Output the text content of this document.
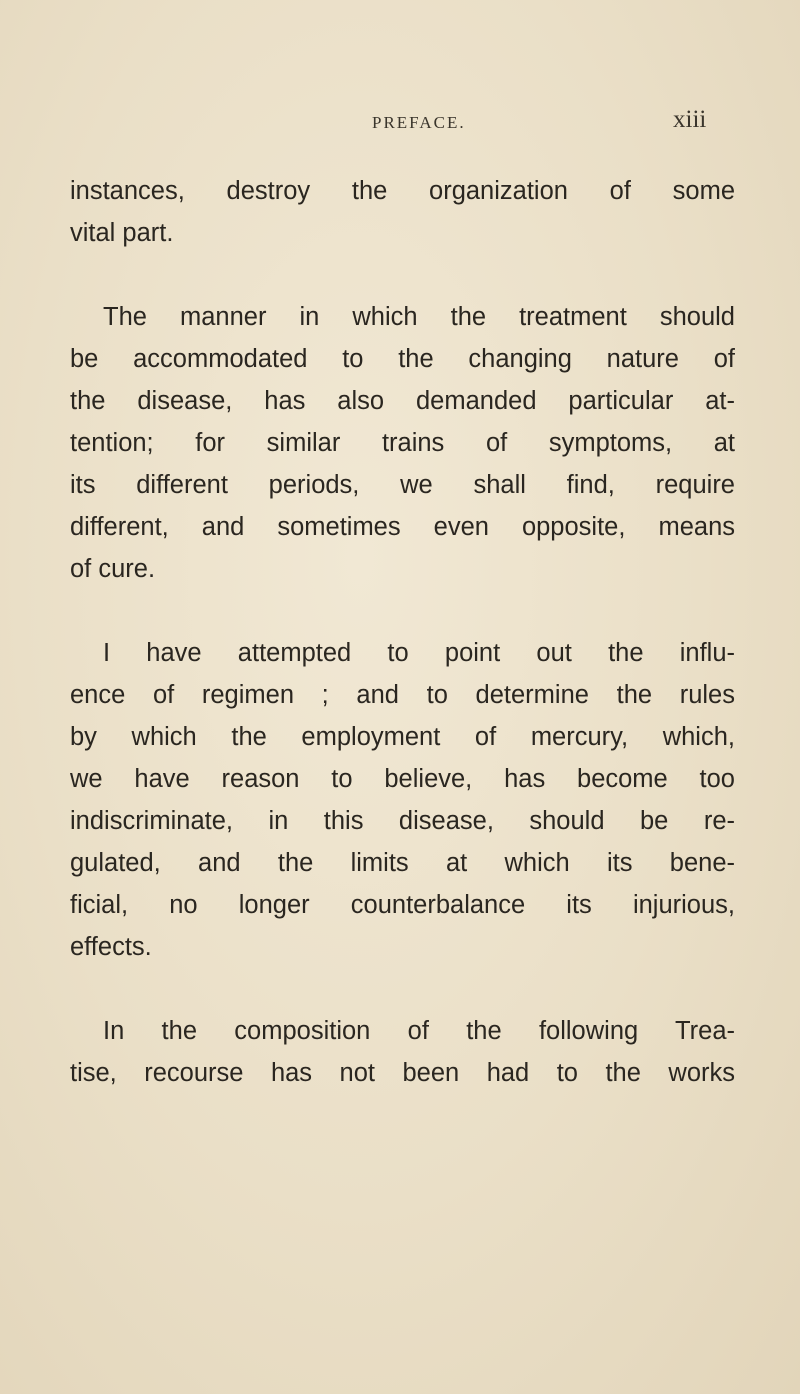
PREFACE.	xiii
instances, destroy the organization of some
vital part.
The manner in which the treatment should
be accommodated to the changing nature of
the disease, has also demanded particular at-
tention; for similar trains of symptoms, at
its different periods, we shall find, require
different, and sometimes even opposite, means
of cure.
I have attempted to point out the influ-
ence of regimen ; and to determine the rules
by which the employment of mercury, which,
we have reason to believe, has become too
indiscriminate, in this disease, should be re-
gulated, and the limits at which its bene-
ficial, no longer counterbalance its injurious,
effects.
In the composition of the following Trea-
tise, recourse has not been had to the works
